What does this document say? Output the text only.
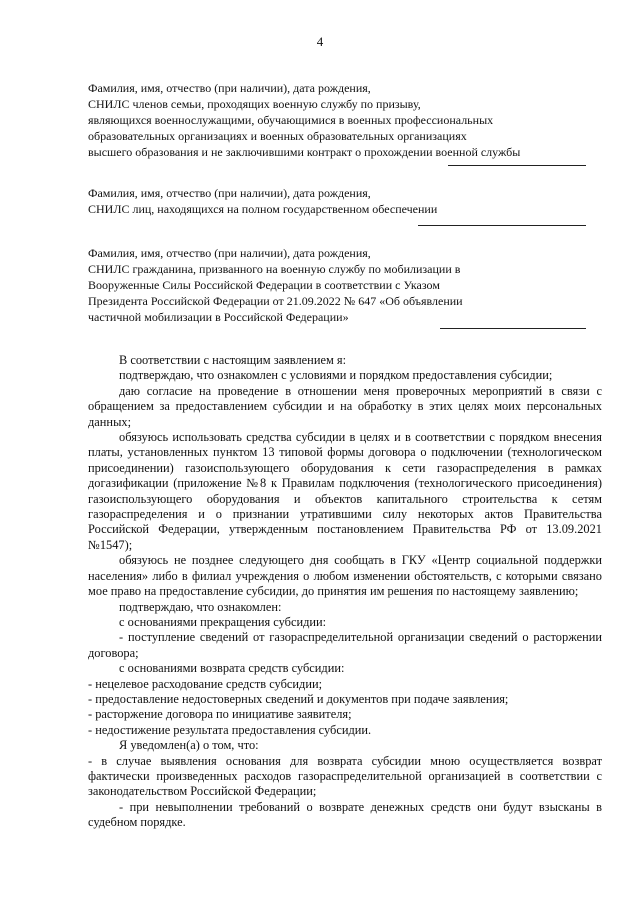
4
Фамилия, имя, отчество (при наличии), дата рождения,
СНИЛС членов семьи, проходящих военную службу по призыву,
являющихся военнослужащими, обучающимися в военных профессиональных
образовательных организациях и военных образовательных организациях
высшего образования и не заключившими контракт о прохождении военной службы
Фамилия, имя, отчество (при наличии), дата рождения,
СНИЛС лиц, находящихся на полном государственном обеспечении
Фамилия, имя, отчество (при наличии), дата рождения,
СНИЛС гражданина, призванного на военную службу по мобилизации в
Вооруженные Силы Российской Федерации в соответствии с Указом
Президента Российской Федерации от 21.09.2022 № 647 «Об объявлении
частичной мобилизации в Российской Федерации»

В соответствии с настоящим заявлением я:

подтверждаю, что ознакомлен с условиями и порядком предоставления субсидии;

даю согласие на проведение в отношении меня проверочных мероприятий в связи с обращением за предоставлением субсидии и на обработку в этих целях моих персональных данных;

обязуюсь использовать средства субсидии в целях и в соответствии с порядком внесения платы, установленных пунктом 13 типовой формы договора о подключении (технологическом присоединении) газоиспользующего оборудования к сети газораспределения в рамках догазификации (приложение №8 к Правилам подключения (технологического присоединения) газоиспользующего оборудования и объектов капитального строительства к сетям газораспределения и о признании утратившими силу некоторых актов Правительства Российской Федерации, утвержденным постановлением Правительства РФ от 13.09.2021 №1547);

обязуюсь не позднее следующего дня сообщать в ГКУ «Центр социальной поддержки населения» либо в филиал учреждения о любом изменении обстоятельств, с которыми связано мое право на предоставление субсидии, до принятия им решения по настоящему заявлению;

подтверждаю, что ознакомлен:

с основаниями прекращения субсидии:

- поступление сведений от газораспределительной организации сведений о расторжении договора;

с основаниями возврата средств субсидии:

- нецелевое расходование средств субсидии;

- предоставление недостоверных сведений и документов при подаче заявления;

- расторжение договора по инициативе заявителя;

- недостижение результата предоставления субсидии.

Я уведомлен(а) о том, что:

- в случае выявления основания для возврата субсидии мною осуществляется возврат фактически произведенных расходов газораспределительной организацией в соответствии с законодательством Российской Федерации;

- при невыполнении требований о возврате денежных средств они будут взысканы в судебном порядке.
